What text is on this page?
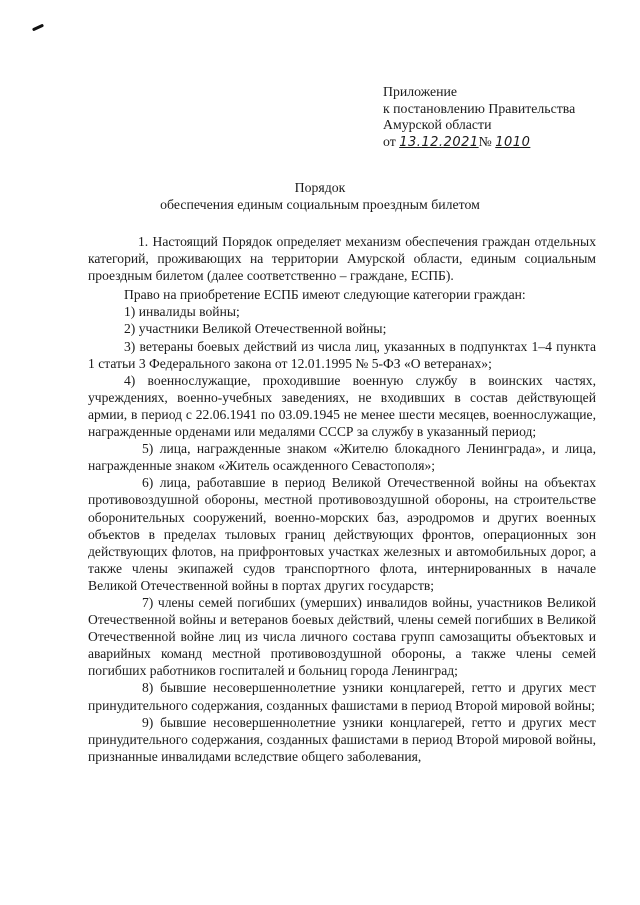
Приложение
к постановлению Правительства
Амурской области
от 13.12.2021№ 1010
Порядок
обеспечения единым социальным проездным билетом
1. Настоящий Порядок определяет механизм обеспечения граждан отдельных категорий, проживающих на территории Амурской области, единым социальным проездным билетом (далее соответственно – граждане, ЕСПБ).
Право на приобретение ЕСПБ имеют следующие категории граждан:
1) инвалиды войны;
2) участники Великой Отечественной войны;
3) ветераны боевых действий из числа лиц, указанных в подпунктах 1–4 пункта 1 статьи 3 Федерального закона от 12.01.1995 № 5-ФЗ «О ветеранах»;
4) военнослужащие, проходившие военную службу в воинских частях, учреждениях, военно-учебных заведениях, не входивших в состав действующей армии, в период с 22.06.1941 по 03.09.1945 не менее шести месяцев, военнослужащие, награжденные орденами или медалями СССР за службу в указанный период;
5) лица, награжденные знаком «Жителю блокадного Ленинграда», и лица, награжденные знаком «Житель осажденного Севастополя»;
6) лица, работавшие в период Великой Отечественной войны на объектах противовоздушной обороны, местной противовоздушной обороны, на строительстве оборонительных сооружений, военно-морских баз, аэродромов и других военных объектов в пределах тыловых границ действующих фронтов, операционных зон действующих флотов, на прифронтовых участках железных и автомобильных дорог, а также члены экипажей судов транспортного флота, интернированных в начале Великой Отечественной войны в портах других государств;
7) члены семей погибших (умерших) инвалидов войны, участников Великой Отечественной войны и ветеранов боевых действий, члены семей погибших в Великой Отечественной войне лиц из числа личного состава групп самозащиты объектовых и аварийных команд местной противовоздушной обороны, а также члены семей погибших работников госпиталей и больниц города Ленинград;
8) бывшие несовершеннолетние узники концлагерей, гетто и других мест принудительного содержания, созданных фашистами в период Второй мировой войны;
9) бывшие несовершеннолетние узники концлагерей, гетто и других мест принудительного содержания, созданных фашистами в период Второй мировой войны, признанные инвалидами вследствие общего заболевания,
